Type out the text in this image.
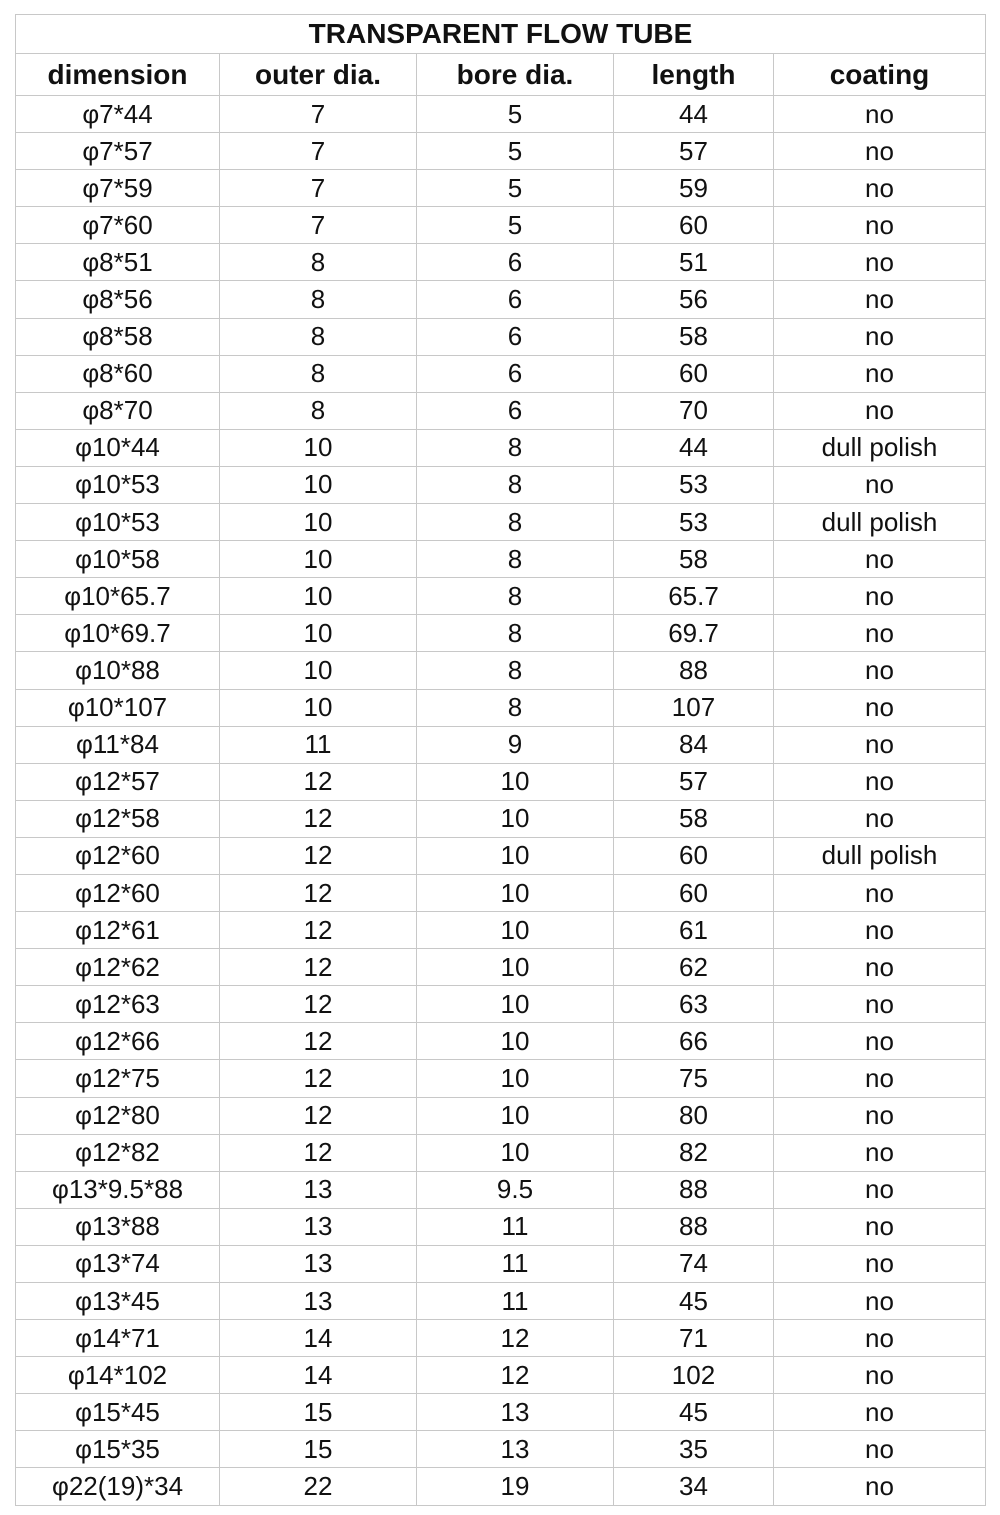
TRANSPARENT FLOW TUBE				
dimension	outer dia.	bore dia.	length	coating
φ7*44	7	5	44	no
φ7*57	7	5	57	no
φ7*59	7	5	59	no
φ7*60	7	5	60	no
φ8*51	8	6	51	no
φ8*56	8	6	56	no
φ8*58	8	6	58	no
φ8*60	8	6	60	no
φ8*70	8	6	70	no
φ10*44	10	8	44	dull polish
φ10*53	10	8	53	no
φ10*53	10	8	53	dull polish
φ10*58	10	8	58	no
φ10*65.7	10	8	65.7	no
φ10*69.7	10	8	69.7	no
φ10*88	10	8	88	no
φ10*107	10	8	107	no
φ11*84	11	9	84	no
φ12*57	12	10	57	no
φ12*58	12	10	58	no
φ12*60	12	10	60	dull polish
φ12*60	12	10	60	no
φ12*61	12	10	61	no
φ12*62	12	10	62	no
φ12*63	12	10	63	no
φ12*66	12	10	66	no
φ12*75	12	10	75	no
φ12*80	12	10	80	no
φ12*82	12	10	82	no
φ13*9.5*88	13	9.5	88	no
φ13*88	13	11	88	no
φ13*74	13	11	74	no
φ13*45	13	11	45	no
φ14*71	14	12	71	no
φ14*102	14	12	102	no
φ15*45	15	13	45	no
φ15*35	15	13	35	no
φ22(19)*34	22	19	34	no
